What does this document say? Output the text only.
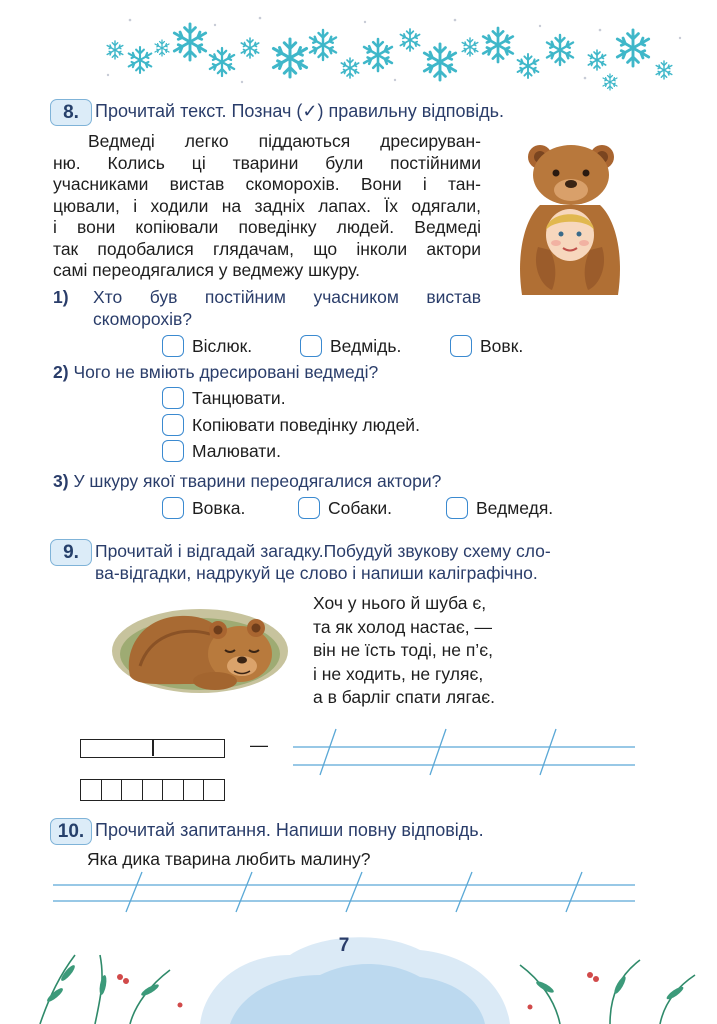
8. Прочитай текст. Познач (✓) правильну відповідь.
Ведмеді легко піддаються дресируван-
ню. Колись ці тварини були постійними
учасниками вистав скоморохів. Вони і тан-
цювали, і ходили на задніх лапах. Їх одягали,
і вони копіювали поведінку людей. Ведмеді
так подобалися глядачам, що інколи актори
самі переодягалися у ведмежу шкуру.
1) Хто був постійним учасником вистав
скоморохів?
Віслюк.	Ведмідь.	Вовк.
2) Чого не вміють дресировані ведмеді?
Танцювати.
Копіювати поведінку людей.
Малювати.
3) У шкуру якої тварини переодягалися актори?
Вовка.	Собаки.	Ведмедя.
9. Прочитай і відгадай загадку.Побудуй звукову схему сло-
ва-відгадки, надрукуй це слово і напиши каліграфічно.
Хоч у нього й шуба є,
та як холод настає, —
він не їсть тоді, не п’є,
і не ходить, не гуляє,
а в барліг спати лягає.
—
10. Прочитай запитання. Напиши повну відповідь.
Яка дика тварина любить малину?
7
